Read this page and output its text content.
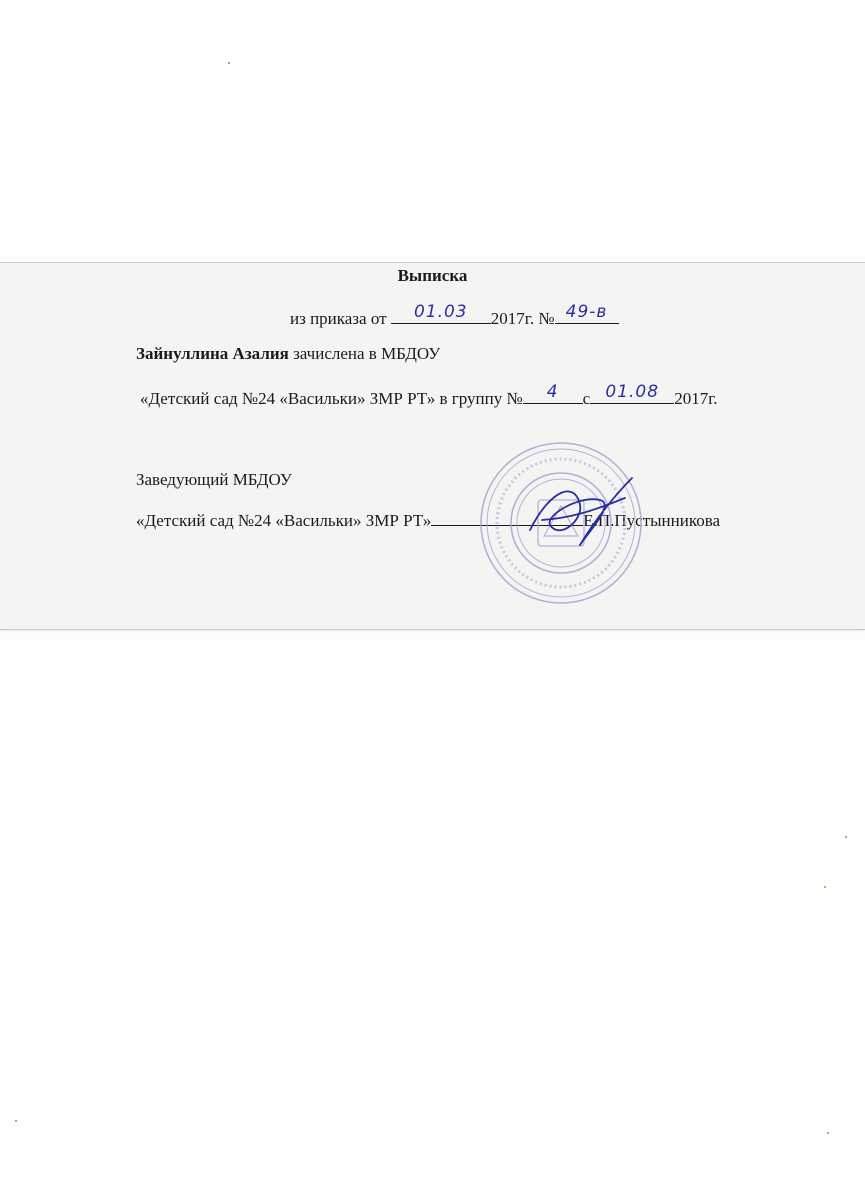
Выписка
из приказа от	01.03	2017г. № 49-в
Зайнуллина Азалия зачислена в МБДОУ
«Детский сад №24 «Васильки» ЗМР РТ» в группу №	4	с 01.08 2017г.
Заведующий МБДОУ
«Детский сад №24 «Васильки» ЗМР РТ»	Е.П.Пустынникова
